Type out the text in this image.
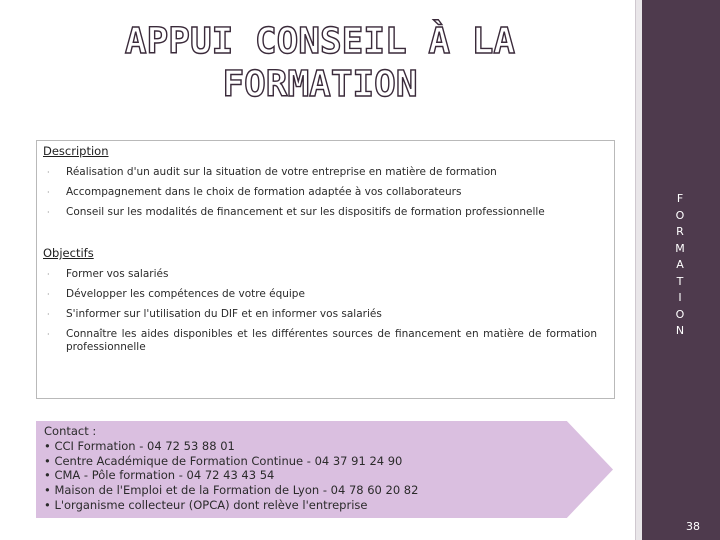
APPUI CONSEIL À LA
FORMATION
Description
· Réalisation d'un audit sur la situation de votre entreprise en matière de formation
· Accompagnement dans le choix de formation adaptée à vos collaborateurs
· Conseil sur les modalités de financement et sur les dispositifs de formation professionnelle
Objectifs
· Former vos salariés
· Développer les compétences de votre équipe
· S'informer sur l'utilisation du DIF et en informer vos salariés
· Connaître les aides disponibles et les différentes sources de financement en matière de formation professionnelle
Contact :
• CCI Formation - 04 72 53 88 01
• Centre Académique de Formation Continue - 04 37 91 24 90
• CMA - Pôle formation - 04 72 43 43 54
• Maison de l'Emploi et de la Formation de Lyon - 04 78 60 20 82
• L'organisme collecteur (OPCA) dont relève l'entreprise
F
O
R
M
A
T
I
O
N
38
